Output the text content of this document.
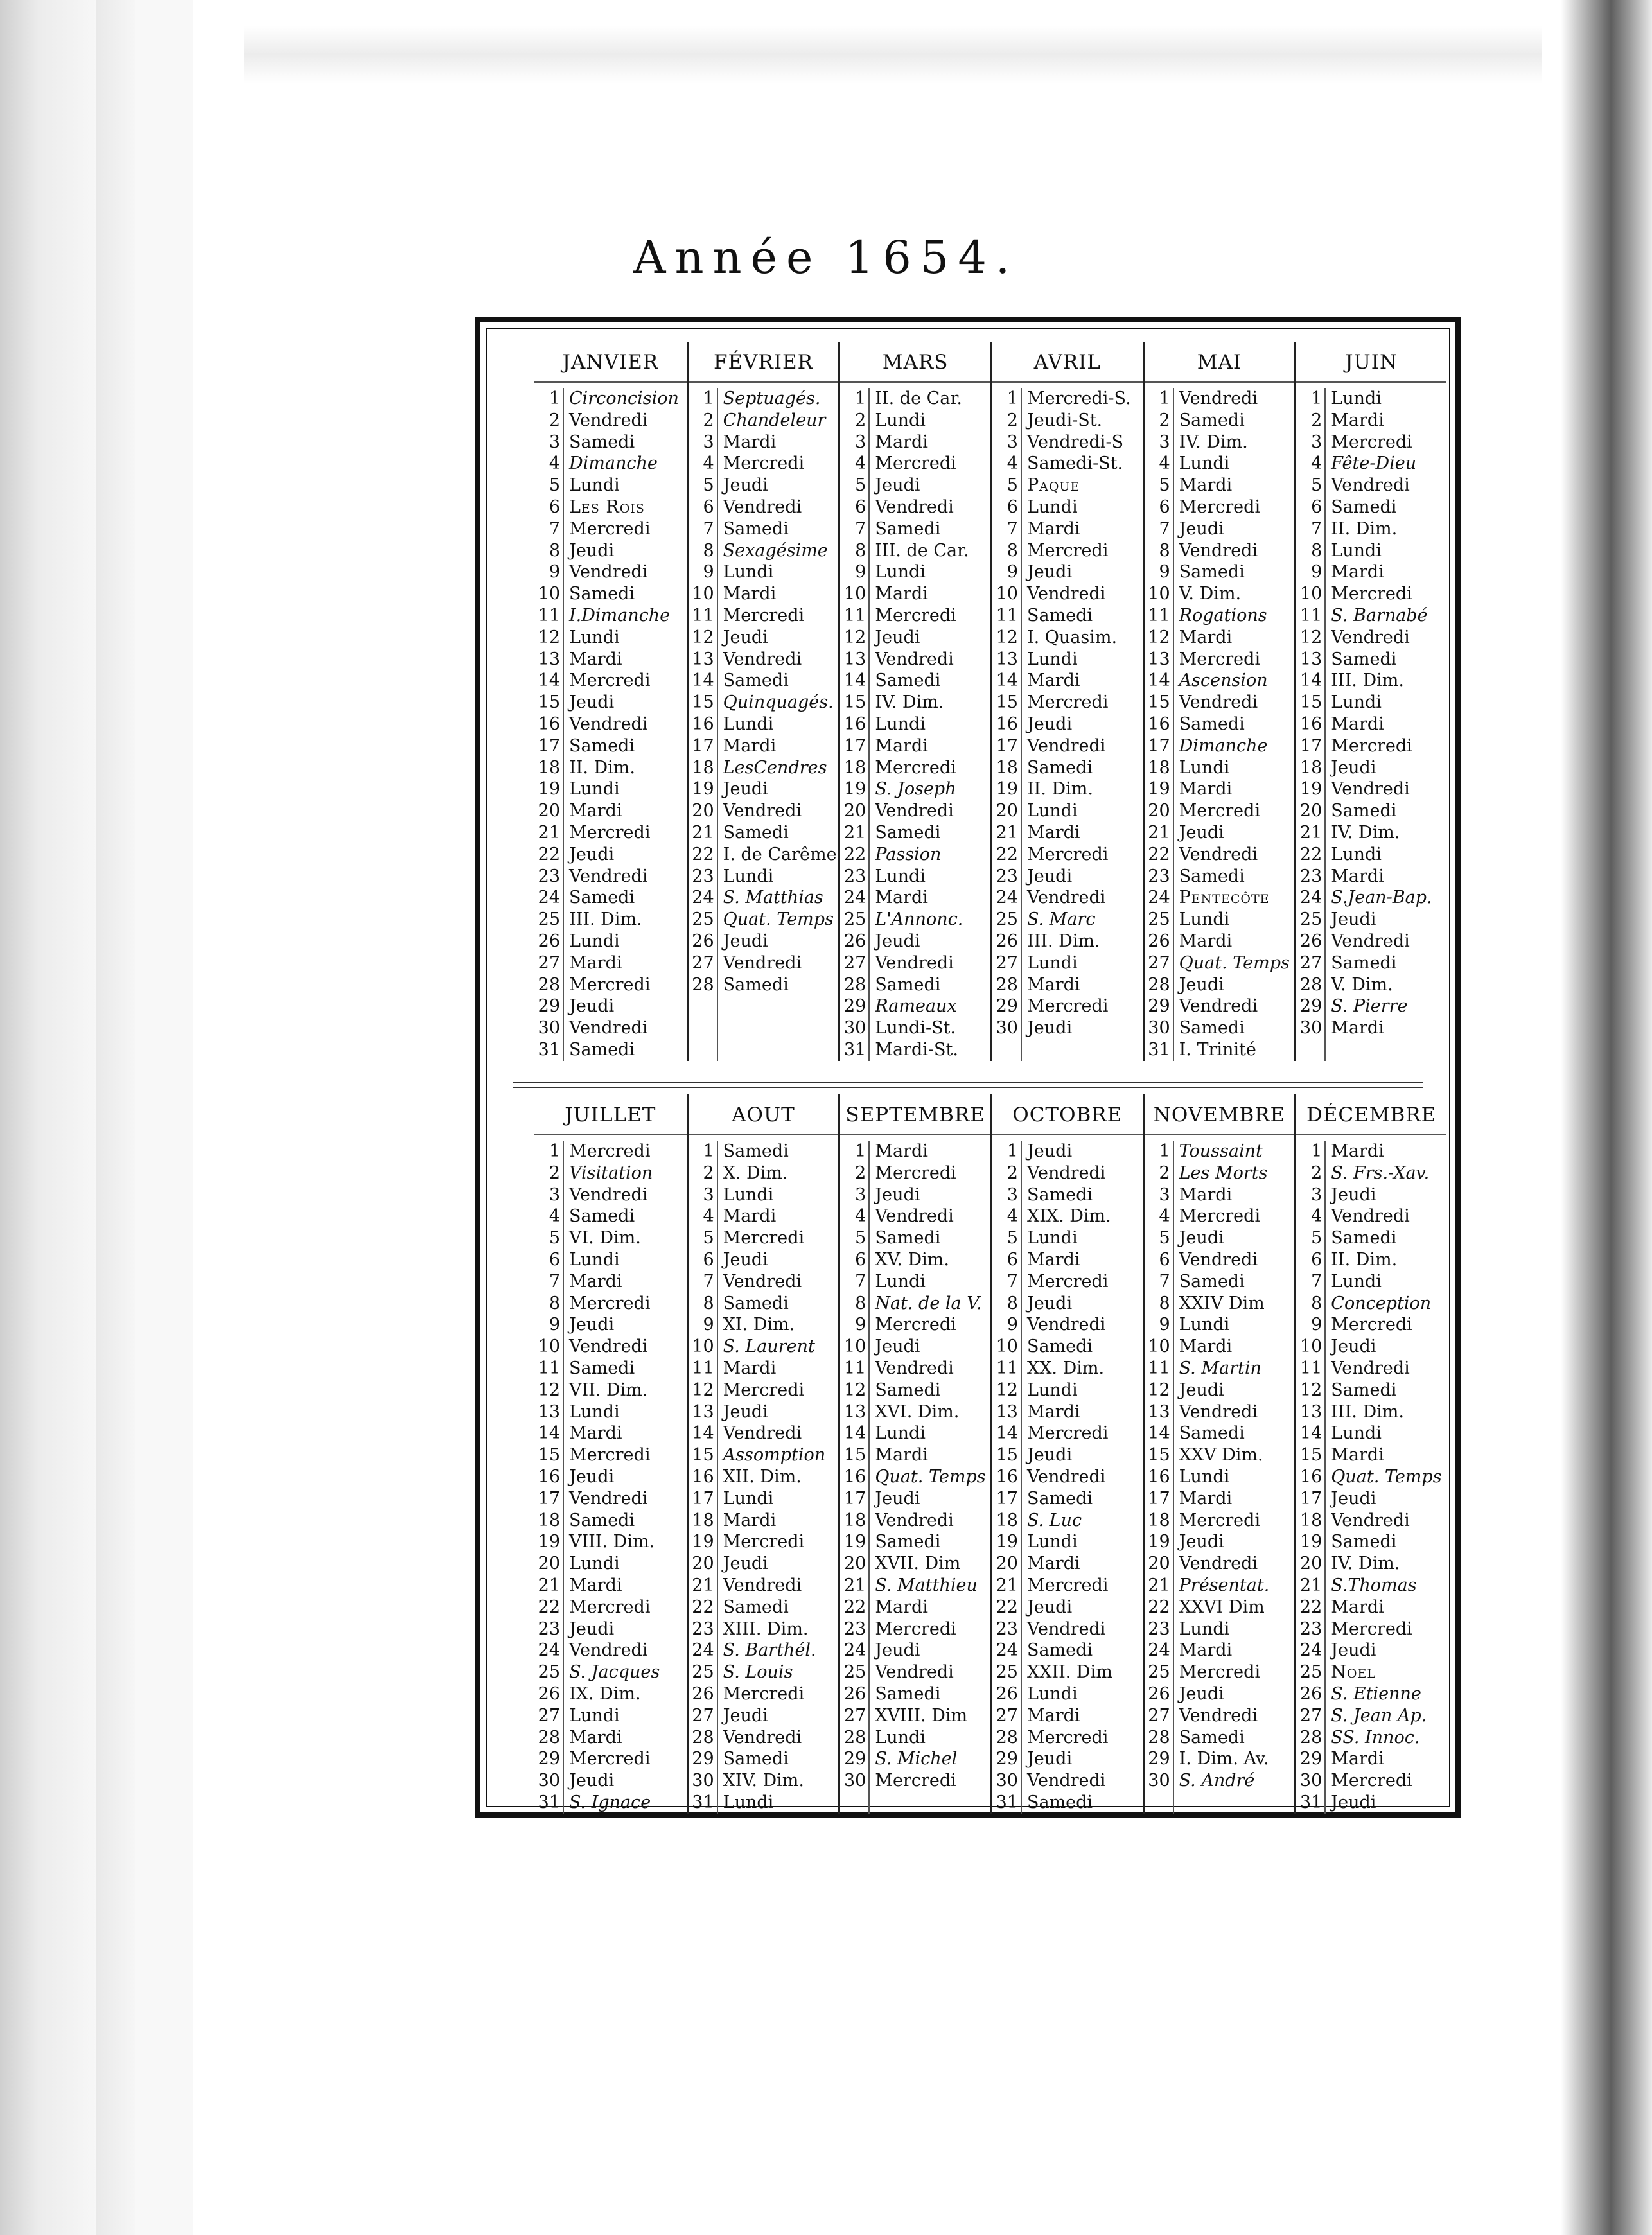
Année 1654.
JANVIER
1 Circoncision
2 Vendredi
3 Samedi
4 Dimanche
5 Lundi
6 Les Rois
7 Mercredi
8 Jeudi
9 Vendredi
10 Samedi
11 I.Dimanche
12 Lundi
13 Mardi
14 Mercredi
15 Jeudi
16 Vendredi
17 Samedi
18 II. Dim.
19 Lundi
20 Mardi
21 Mercredi
22 Jeudi
23 Vendredi
24 Samedi
25 III. Dim.
26 Lundi
27 Mardi
28 Mercredi
29 Jeudi
30 Vendredi
31 Samedi
FÉVRIER
1 Septuagés.
2 Chandeleur
3 Mardi
4 Mercredi
5 Jeudi
6 Vendredi
7 Samedi
8 Sexagésime
9 Lundi
10 Mardi
11 Mercredi
12 Jeudi
13 Vendredi
14 Samedi
15 Quinquagés.
16 Lundi
17 Mardi
18 LesCendres
19 Jeudi
20 Vendredi
21 Samedi
22 I. de Carême
23 Lundi
24 S. Matthias
25 Quat. Temps
26 Jeudi
27 Vendredi
28 Samedi
MARS
1 II. de Car.
2 Lundi
3 Mardi
4 Mercredi
5 Jeudi
6 Vendredi
7 Samedi
8 III. de Car.
9 Lundi
10 Mardi
11 Mercredi
12 Jeudi
13 Vendredi
14 Samedi
15 IV. Dim.
16 Lundi
17 Mardi
18 Mercredi
19 S. Joseph
20 Vendredi
21 Samedi
22 Passion
23 Lundi
24 Mardi
25 L'Annonc.
26 Jeudi
27 Vendredi
28 Samedi
29 Rameaux
30 Lundi-St.
31 Mardi-St.
AVRIL
1 Mercredi-S.
2 Jeudi-St.
3 Vendredi-S
4 Samedi-St.
5 Paque
6 Lundi
7 Mardi
8 Mercredi
9 Jeudi
10 Vendredi
11 Samedi
12 I. Quasim.
13 Lundi
14 Mardi
15 Mercredi
16 Jeudi
17 Vendredi
18 Samedi
19 II. Dim.
20 Lundi
21 Mardi
22 Mercredi
23 Jeudi
24 Vendredi
25 S. Marc
26 III. Dim.
27 Lundi
28 Mardi
29 Mercredi
30 Jeudi
MAI
1 Vendredi
2 Samedi
3 IV. Dim.
4 Lundi
5 Mardi
6 Mercredi
7 Jeudi
8 Vendredi
9 Samedi
10 V. Dim.
11 Rogations
12 Mardi
13 Mercredi
14 Ascension
15 Vendredi
16 Samedi
17 Dimanche
18 Lundi
19 Mardi
20 Mercredi
21 Jeudi
22 Vendredi
23 Samedi
24 Pentecôte
25 Lundi
26 Mardi
27 Quat. Temps
28 Jeudi
29 Vendredi
30 Samedi
31 I. Trinité
JUIN
1 Lundi
2 Mardi
3 Mercredi
4 Fête-Dieu
5 Vendredi
6 Samedi
7 II. Dim.
8 Lundi
9 Mardi
10 Mercredi
11 S. Barnabé
12 Vendredi
13 Samedi
14 III. Dim.
15 Lundi
16 Mardi
17 Mercredi
18 Jeudi
19 Vendredi
20 Samedi
21 IV. Dim.
22 Lundi
23 Mardi
24 S.Jean-Bap.
25 Jeudi
26 Vendredi
27 Samedi
28 V. Dim.
29 S. Pierre
30 Mardi
JUILLET
1 Mercredi
2 Visitation
3 Vendredi
4 Samedi
5 VI. Dim.
6 Lundi
7 Mardi
8 Mercredi
9 Jeudi
10 Vendredi
11 Samedi
12 VII. Dim.
13 Lundi
14 Mardi
15 Mercredi
16 Jeudi
17 Vendredi
18 Samedi
19 VIII. Dim.
20 Lundi
21 Mardi
22 Mercredi
23 Jeudi
24 Vendredi
25 S. Jacques
26 IX. Dim.
27 Lundi
28 Mardi
29 Mercredi
30 Jeudi
31 S. Ignace
AOUT
1 Samedi
2 X. Dim.
3 Lundi
4 Mardi
5 Mercredi
6 Jeudi
7 Vendredi
8 Samedi
9 XI. Dim.
10 S. Laurent
11 Mardi
12 Mercredi
13 Jeudi
14 Vendredi
15 Assomption
16 XII. Dim.
17 Lundi
18 Mardi
19 Mercredi
20 Jeudi
21 Vendredi
22 Samedi
23 XIII. Dim.
24 S. Barthél.
25 S. Louis
26 Mercredi
27 Jeudi
28 Vendredi
29 Samedi
30 XIV. Dim.
31 Lundi
SEPTEMBRE
1 Mardi
2 Mercredi
3 Jeudi
4 Vendredi
5 Samedi
6 XV. Dim.
7 Lundi
8 Nat. de la V.
9 Mercredi
10 Jeudi
11 Vendredi
12 Samedi
13 XVI. Dim.
14 Lundi
15 Mardi
16 Quat. Temps
17 Jeudi
18 Vendredi
19 Samedi
20 XVII. Dim
21 S. Matthieu
22 Mardi
23 Mercredi
24 Jeudi
25 Vendredi
26 Samedi
27 XVIII. Dim
28 Lundi
29 S. Michel
30 Mercredi
OCTOBRE
1 Jeudi
2 Vendredi
3 Samedi
4 XIX. Dim.
5 Lundi
6 Mardi
7 Mercredi
8 Jeudi
9 Vendredi
10 Samedi
11 XX. Dim.
12 Lundi
13 Mardi
14 Mercredi
15 Jeudi
16 Vendredi
17 Samedi
18 S. Luc
19 Lundi
20 Mardi
21 Mercredi
22 Jeudi
23 Vendredi
24 Samedi
25 XXII. Dim
26 Lundi
27 Mardi
28 Mercredi
29 Jeudi
30 Vendredi
31 Samedi
NOVEMBRE
1 Toussaint
2 Les Morts
3 Mardi
4 Mercredi
5 Jeudi
6 Vendredi
7 Samedi
8 XXIV Dim
9 Lundi
10 Mardi
11 S. Martin
12 Jeudi
13 Vendredi
14 Samedi
15 XXV Dim.
16 Lundi
17 Mardi
18 Mercredi
19 Jeudi
20 Vendredi
21 Présentat.
22 XXVI Dim
23 Lundi
24 Mardi
25 Mercredi
26 Jeudi
27 Vendredi
28 Samedi
29 I. Dim. Av.
30 S. André
DÉCEMBRE
1 Mardi
2 S. Frs.-Xav.
3 Jeudi
4 Vendredi
5 Samedi
6 II. Dim.
7 Lundi
8 Conception
9 Mercredi
10 Jeudi
11 Vendredi
12 Samedi
13 III. Dim.
14 Lundi
15 Mardi
16 Quat. Temps
17 Jeudi
18 Vendredi
19 Samedi
20 IV. Dim.
21 S.Thomas
22 Mardi
23 Mercredi
24 Jeudi
25 Noel
26 S. Etienne
27 S. Jean Ap.
28 SS. Innoc.
29 Mardi
30 Mercredi
31 Jeudi
